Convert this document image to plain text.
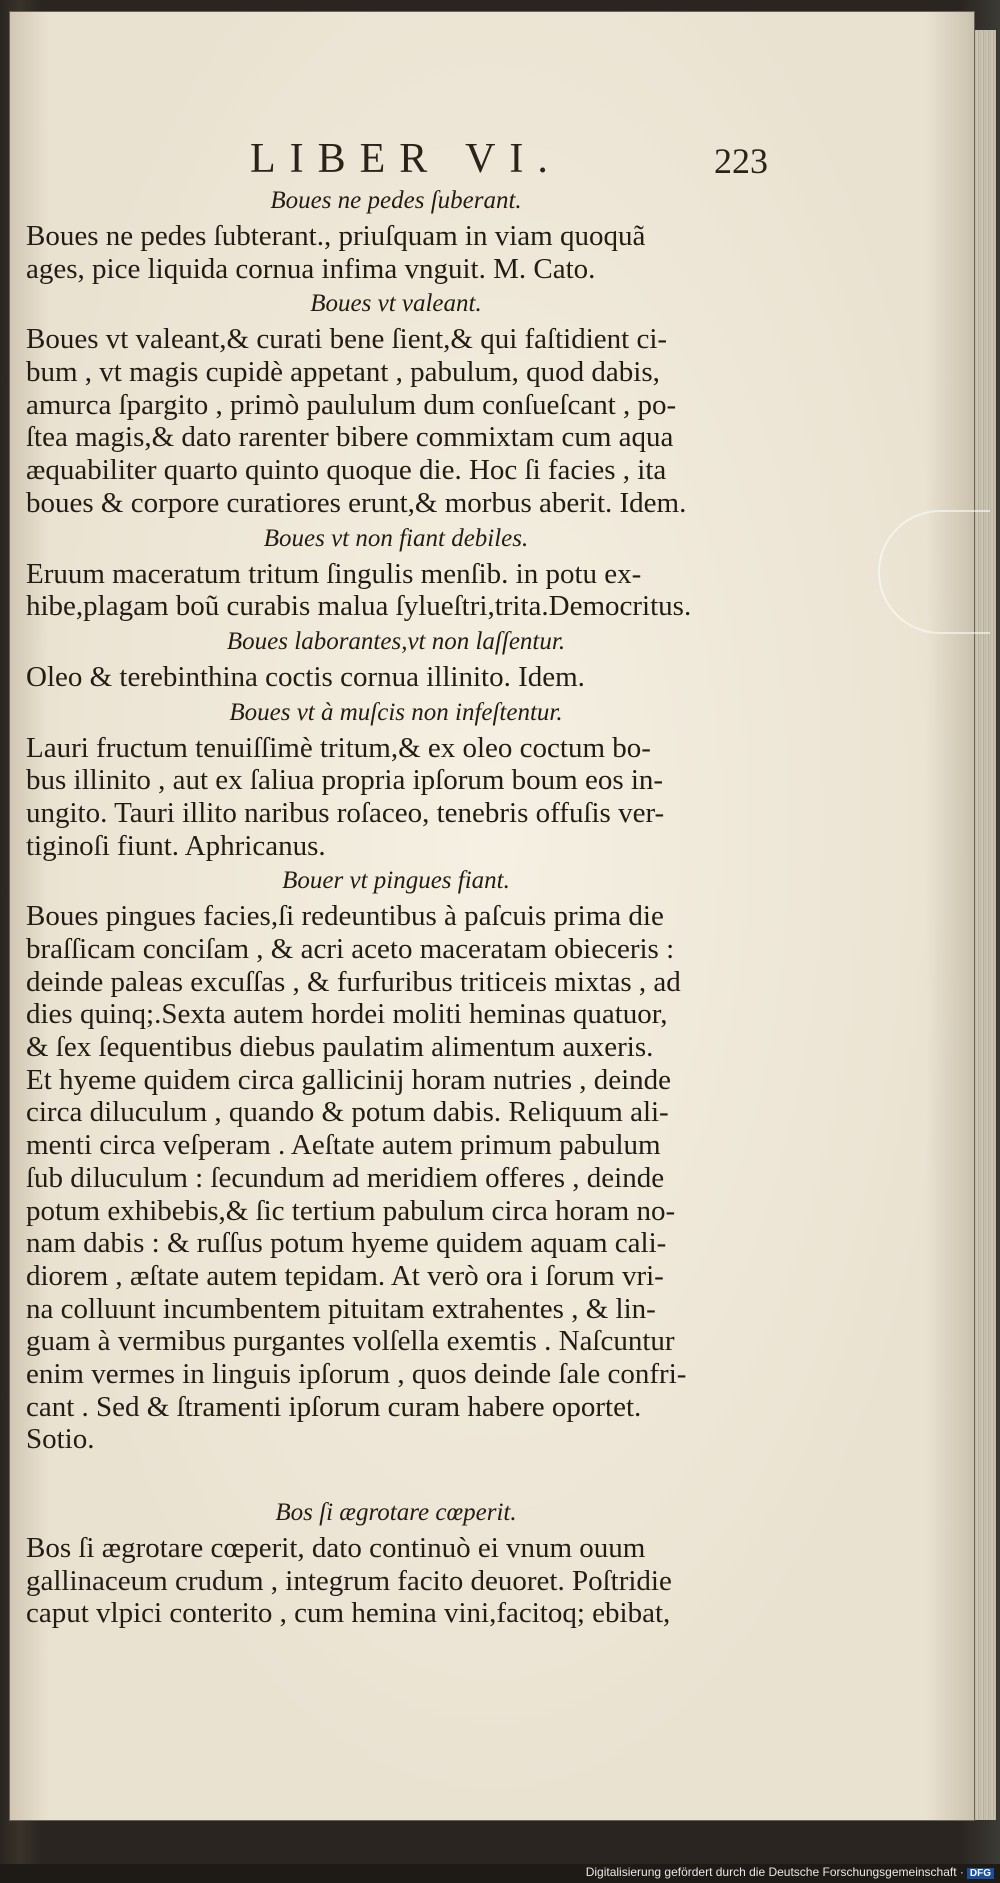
LIBER VI.	223
Boues ne pedes ſuberant.
Boues ne pedes ſubterant., priuſquam in viam quoquã
ages, pice liquida cornua infima vnguit. M. Cato.
Boues vt valeant.
Boues vt valeant,& curati bene ſient,& qui faſtidient ci-
bum , vt magis cupidè appetant , pabulum, quod dabis,
amurca ſpargito , primò paululum dum conſueſcant , po-
ſtea magis,& dato rarenter bibere commixtam cum aqua
æquabiliter quarto quinto quoque die. Hoc ſi facies , ita
boues & corpore curatiores erunt,& morbus aberit. Idem.
Boues vt non fiant debiles.
Eruum maceratum tritum ſingulis menſib. in potu ex-
hibe,plagam boũ curabis malua ſylueſtri,trita.Democritus.
Boues laborantes,vt non laſſentur.
Oleo & terebinthina coctis cornua illinito. Idem.
Boues vt à muſcis non infeſtentur.
Lauri fructum tenuiſſimè tritum,& ex oleo coctum bo-
bus illinito , aut ex ſaliua propria ipſorum boum eos in-
ungito. Tauri illito naribus roſaceo, tenebris offuſis ver-
tiginoſi fiunt. Aphricanus.
Bouer vt pingues fiant.
Boues pingues facies,ſi redeuntibus à paſcuis prima die
braſſicam conciſam , & acri aceto maceratam obieceris :
deinde paleas excuſſas , & furfuribus triticeis mixtas , ad
dies quinq;.Sexta autem hordei moliti heminas quatuor,
& ſex ſequentibus diebus paulatim alimentum auxeris.
Et hyeme quidem circa gallicinij horam nutries , deinde
circa diluculum , quando & potum dabis. Reliquum ali-
menti circa veſperam . Aeſtate autem primum pabulum
ſub diluculum : ſecundum ad meridiem offeres , deinde
potum exhibebis,& ſic tertium pabulum circa horam no-
nam dabis : & ruſſus potum hyeme quidem aquam cali-
diorem , æſtate autem tepidam. At verò ora i ſorum vri-
na colluunt incumbentem pituitam extrahentes , & lin-
guam à vermibus purgantes volſella exemtis . Naſcuntur
enim vermes in linguis ipſorum , quos deinde ſale confri-
cant . Sed & ſtramenti ipſorum curam habere oportet.
Sotio.
Bos ſi ægrotare cœperit.
Bos ſi ægrotare cœperit, dato continuò ei vnum ouum
gallinaceum crudum , integrum facito deuoret. Poſtridie
caput vlpici conterito , cum hemina vini,facitoq; ebibat,
Digitalisierung gefördert durch die Deutsche Forschungsgemeinschaft · DFG
